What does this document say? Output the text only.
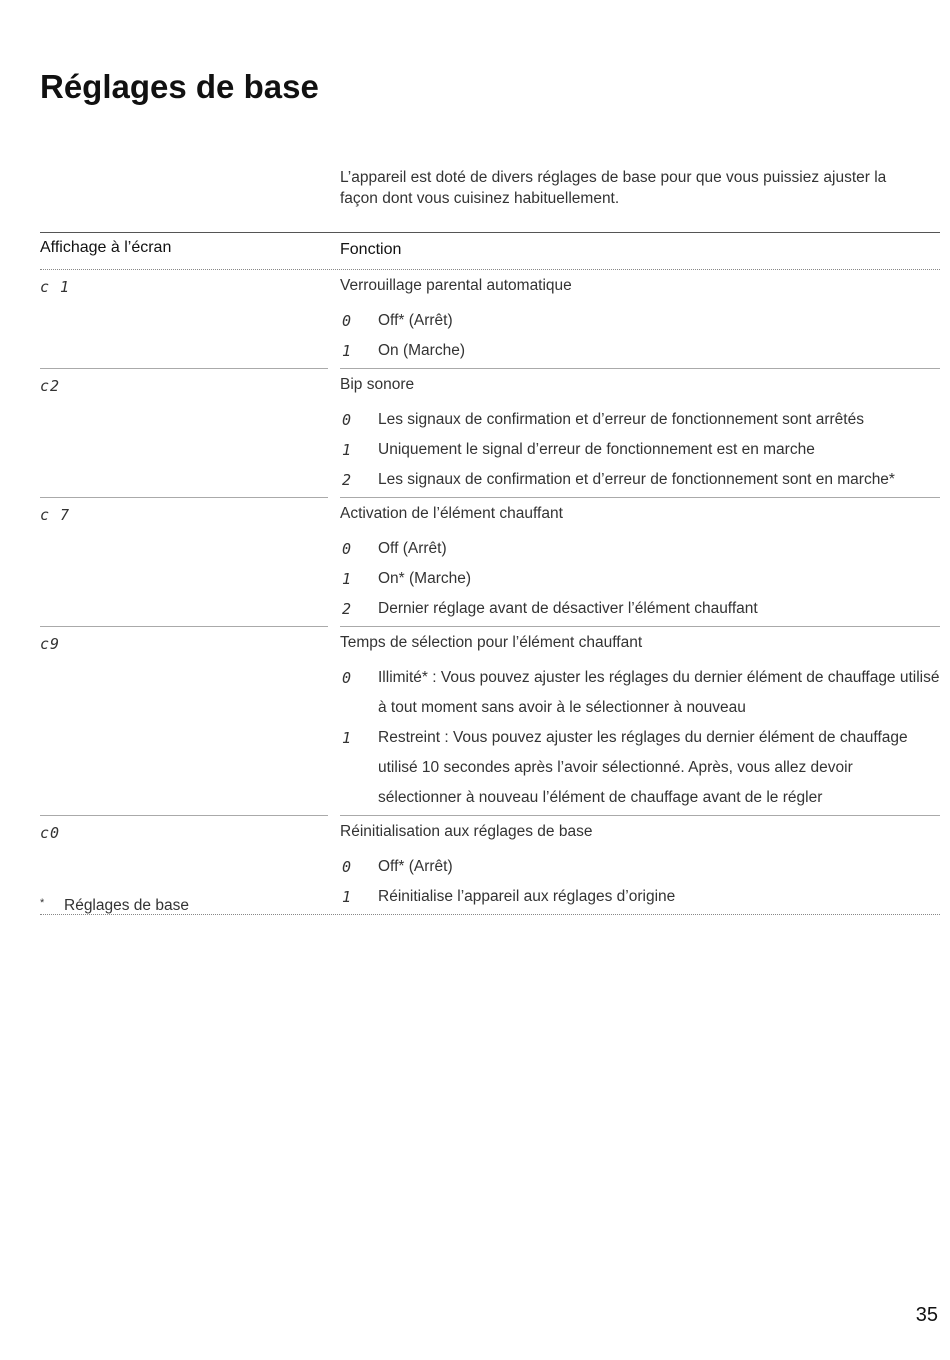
Réglages de base
L’appareil est doté de divers réglages de base pour que vous puissiez ajuster la façon dont vous cuisinez habituellement.
Affichage à l’écran	Fonction
c 1	Verrouillage parental automatique
0	Off* (Arrêt)
1	On (Marche)
c2	Bip sonore
0	Les signaux de confirmation et d’erreur de fonctionnement sont arrêtés
1	Uniquement le signal d’erreur de fonctionnement est en marche
2	Les signaux de confirmation et d’erreur de fonctionnement sont en marche*
c 7	Activation de l’élément chauffant
0	Off (Arrêt)
1	On* (Marche)
2	Dernier réglage avant de désactiver l’élément chauffant
c9	Temps de sélection pour l’élément chauffant
0	Illimité* : Vous pouvez ajuster les réglages du dernier élément de chauffage utilisé à tout moment sans avoir à le sélectionner à nouveau
1	Restreint : Vous pouvez ajuster les réglages du dernier élément de chauffage utilisé 10 secondes après l’avoir sélectionné. Après, vous allez devoir sélectionner à nouveau l’élément de chauffage avant de le régler
c0	Réinitialisation aux réglages de base
0	Off* (Arrêt)
1	Réinitialise l’appareil aux réglages d’origine
* Réglages de base
35
